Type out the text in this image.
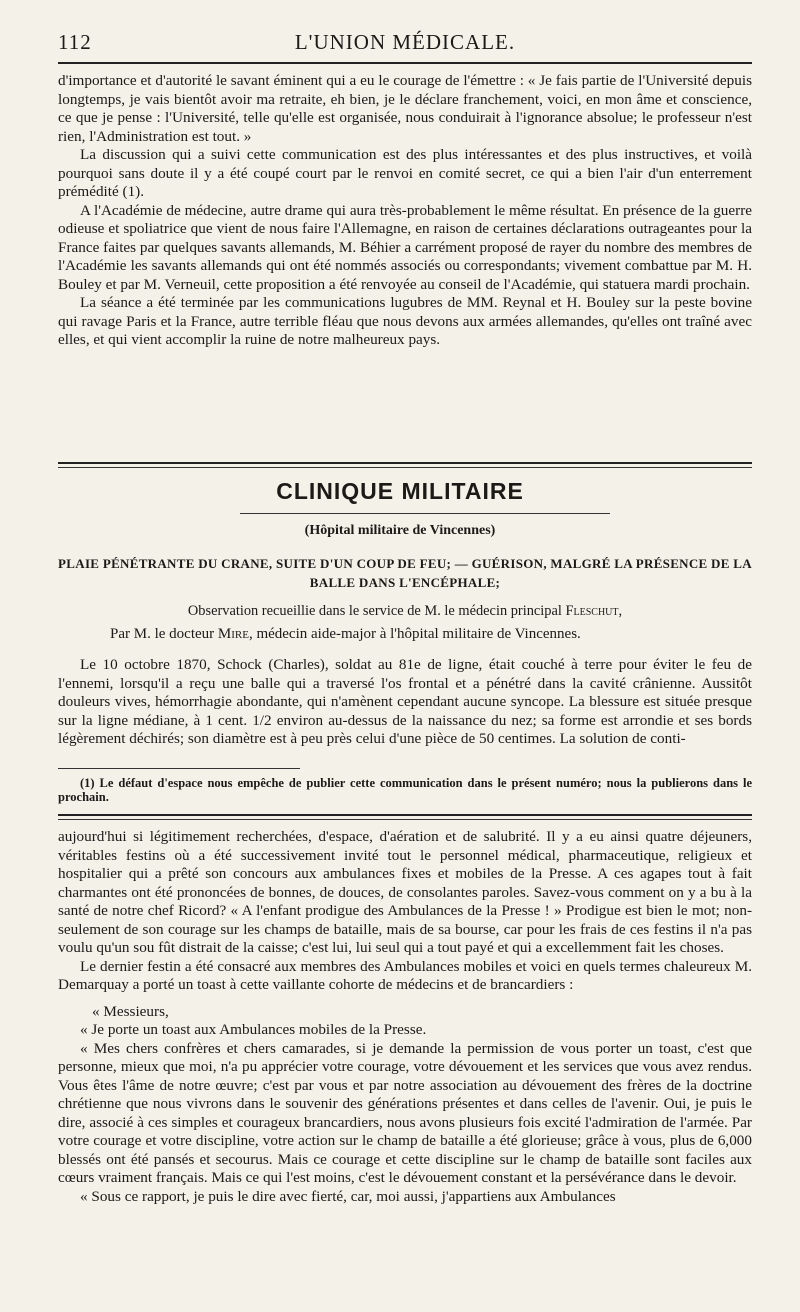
112	L'UNION MÉDICALE.

d'importance et d'autorité le savant éminent qui a eu le courage de l'émettre : « Je fais partie de l'Université depuis longtemps, je vais bientôt avoir ma retraite, eh bien, je le déclare franchement, voici, en mon âme et conscience, ce que je pense : l'Université, telle qu'elle est organisée, nous conduirait à l'ignorance absolue; le professeur n'est rien, l'Administration est tout. »

La discussion qui a suivi cette communication est des plus intéressantes et des plus instructives, et voilà pourquoi sans doute il y a été coupé court par le renvoi en comité secret, ce qui a bien l'air d'un enterrement prémédité (1).

A l'Académie de médecine, autre drame qui aura très-probablement le même résultat. En présence de la guerre odieuse et spoliatrice que vient de nous faire l'Allemagne, en raison de certaines déclarations outrageantes pour la France faites par quelques savants allemands, M. Béhier a carrément proposé de rayer du nombre des membres de l'Académie les savants allemands qui ont été nommés associés ou correspondants; vivement combattue par M. H. Bouley et par M. Verneuil, cette proposition a été renvoyée au conseil de l'Académie, qui statuera mardi prochain.

La séance a été terminée par les communications lugubres de MM. Reynal et H. Bouley sur la peste bovine qui ravage Paris et la France, autre terrible fléau que nous devons aux armées allemandes, qu'elles ont traîné avec elles, et qui vient accomplir la ruine de notre malheureux pays.

CLINIQUE MILITAIRE
(Hôpital militaire de Vincennes)
PLAIE PÉNÉTRANTE DU CRANE, SUITE D'UN COUP DE FEU; — GUÉRISON, MALGRÉ LA PRÉSENCE DE LA BALLE DANS L'ENCÉPHALE;
Observation recueillie dans le service de M. le médecin principal Fleschut,
Par M. le docteur Mire, médecin aide-major à l'hôpital militaire de Vincennes.

Le 10 octobre 1870, Schock (Charles), soldat au 81e de ligne, était couché à terre pour éviter le feu de l'ennemi, lorsqu'il a reçu une balle qui a traversé l'os frontal et a pénétré dans la cavité crânienne. Aussitôt douleurs vives, hémorrhagie abondante, qui n'amènent cependant aucune syncope. La blessure est située presque sur la ligne médiane, à 1 cent. 1/2 environ au-dessus de la naissance du nez; sa forme est arrondie et ses bords légèrement déchirés; son diamètre est à peu près celui d'une pièce de 50 centimes. La solution de conti-

(1) Le défaut d'espace nous empêche de publier cette communication dans le présent numéro; nous la publierons dans le prochain.

aujourd'hui si légitimement recherchées, d'espace, d'aération et de salubrité. Il y a eu ainsi quatre déjeuners, véritables festins où a été successivement invité tout le personnel médical, pharmaceutique, religieux et hospitalier qui a prêté son concours aux ambulances fixes et mobiles de la Presse. A ces agapes tout à fait charmantes ont été prononcées de bonnes, de douces, de consolantes paroles. Savez-vous comment on y a bu à la santé de notre chef Ricord? « A l'enfant prodigue des Ambulances de la Presse ! » Prodigue est bien le mot; non-seulement de son courage sur les champs de bataille, mais de sa bourse, car pour les frais de ces festins il n'a pas voulu qu'un sou fût distrait de la caisse; c'est lui, lui seul qui a tout payé et qui a excellemment fait les choses.

Le dernier festin a été consacré aux membres des Ambulances mobiles et voici en quels termes chaleureux M. Demarquay a porté un toast à cette vaillante cohorte de médecins et de brancardiers :

« Messieurs,

« Je porte un toast aux Ambulances mobiles de la Presse.

« Mes chers confrères et chers camarades, si je demande la permission de vous porter un toast, c'est que personne, mieux que moi, n'a pu apprécier votre courage, votre dévouement et les services que vous avez rendus. Vous êtes l'âme de notre œuvre; c'est par vous et par notre association au dévouement des frères de la doctrine chrétienne que nous vivrons dans le souvenir des générations présentes et dans celles de l'avenir. Oui, je puis le dire, associé à ces simples et courageux brancardiers, nous avons plusieurs fois excité l'admiration de l'armée. Par votre courage et votre discipline, votre action sur le champ de bataille a été glorieuse; grâce à vous, plus de 6,000 blessés ont été pansés et secourus. Mais ce courage et cette discipline sur le champ de bataille sont faciles aux cœurs vraiment français. Mais ce qui l'est moins, c'est le dévouement constant et la persévérance dans le devoir.

« Sous ce rapport, je puis le dire avec fierté, car, moi aussi, j'appartiens aux Ambulances
